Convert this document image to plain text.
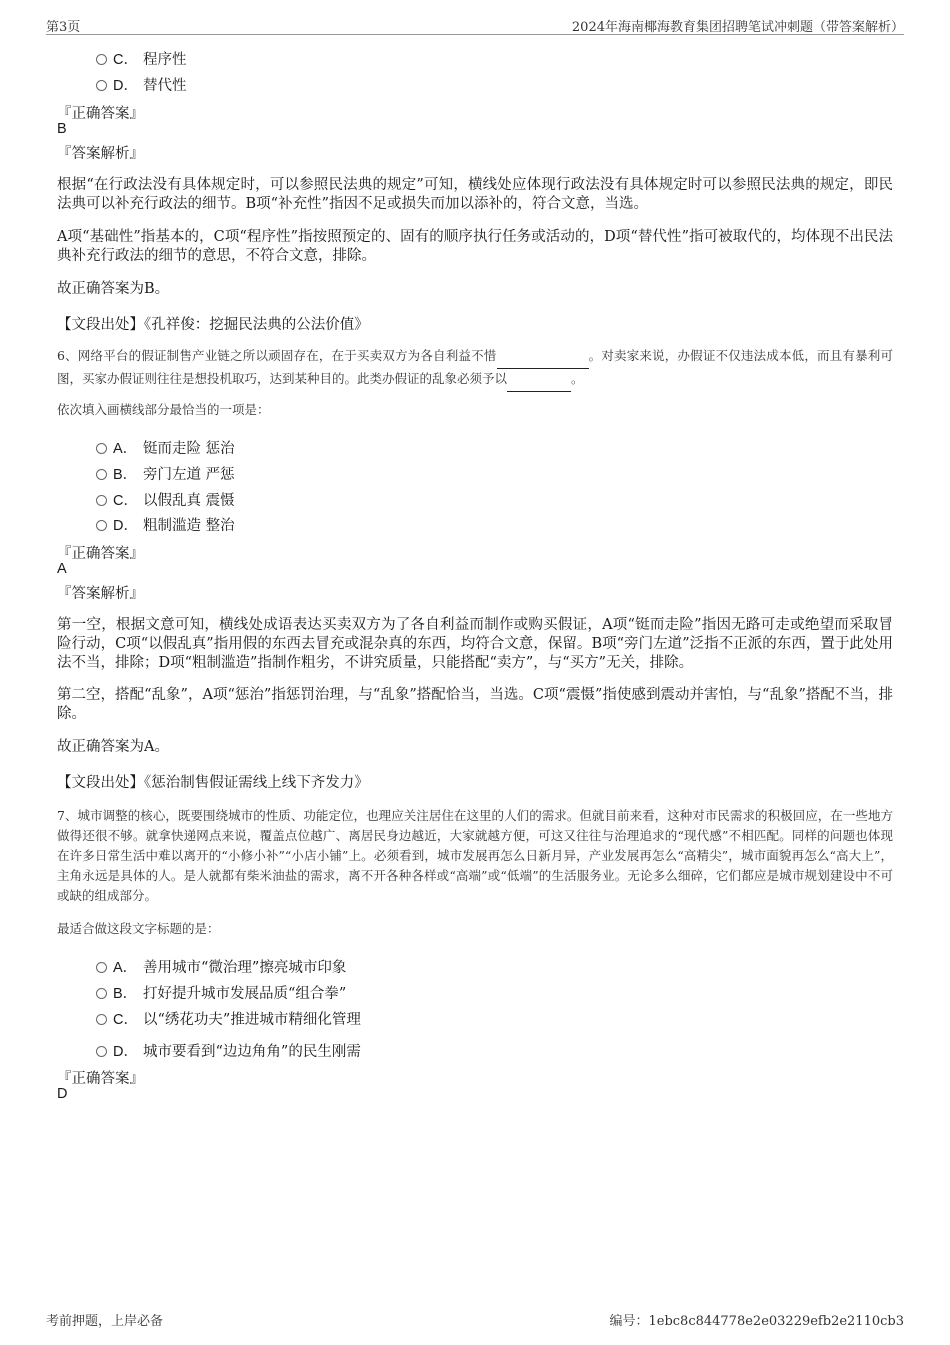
第3页	2024年海南椰海教育集团招聘笔试冲刺题（带答案解析）
C． 程序性
D． 替代性
『正确答案』
B
『答案解析』
根据“在行政法没有具体规定时，可以参照民法典的规定”可知，横线处应体现行政法没有具体规定时可以参照民法典的规定，即民法典可以补充行政法的细节。B项“补充性”指因不足或损失而加以添补的，符合文意，当选。
A项“基础性”指基本的，C项“程序性”指按照预定的、固有的顺序执行任务或活动的，D项“替代性”指可被取代的，均体现不出民法典补充行政法的细节的意思，不符合文意，排除。
故正确答案为B。
【文段出处】《孔祥俊：挖掘民法典的公法价值》
6、网络平台的假证制售产业链之所以顽固存在，在于买卖双方为各自利益不惜	。对卖家来说，办假证不仅违法成本低，而且有暴利可图，买家办假证则往往是想投机取巧，达到某种目的。此类办假证的乱象必须予以	。
依次填入画横线部分最恰当的一项是：
A． 铤而走险 惩治
B． 旁门左道 严惩
C． 以假乱真 震慑
D． 粗制滥造 整治
『正确答案』
A
『答案解析』
第一空，根据文意可知，横线处成语表达买卖双方为了各自利益而制作或购买假证，A项“铤而走险”指因无路可走或绝望而采取冒险行动，C项“以假乱真”指用假的东西去冒充或混杂真的东西，均符合文意，保留。B项“旁门左道”泛指不正派的东西，置于此处用法不当，排除；D项“粗制滥造”指制作粗劣，不讲究质量，只能搭配“卖方”，与“买方”无关，排除。
第二空，搭配“乱象”，A项“惩治”指惩罚治理，与“乱象”搭配恰当，当选。C项“震慑”指使感到震动并害怕，与“乱象”搭配不当，排除。
故正确答案为A。
【文段出处】《惩治制售假证需线上线下齐发力》
7、城市调整的核心，既要围绕城市的性质、功能定位，也理应关注居住在这里的人们的需求。但就目前来看，这种对市民需求的积极回应，在一些地方做得还很不够。就拿快递网点来说，覆盖点位越广、离居民身边越近，大家就越方便，可这又往往与治理追求的“现代感”不相匹配。同样的问题也体现在许多日常生活中难以离开的“小修小补”“小店小铺”上。必须看到，城市发展再怎么日新月异，产业发展再怎么“高精尖”，城市面貌再怎么“高大上”，主角永远是具体的人。是人就都有柴米油盐的需求，离不开各种各样或“高端”或“低端”的生活服务业。无论多么细碎，它们都应是城市规划建设中不可或缺的组成部分。
最适合做这段文字标题的是：
A． 善用城市“微治理”擦亮城市印象
B． 打好提升城市发展品质“组合拳”
C． 以“绣花功夫”推进城市精细化管理
D． 城市要看到“边边角角”的民生刚需
『正确答案』
D
考前押题，上岸必备	编号：1ebc8c844778e2e03229efb2e2110cb3
